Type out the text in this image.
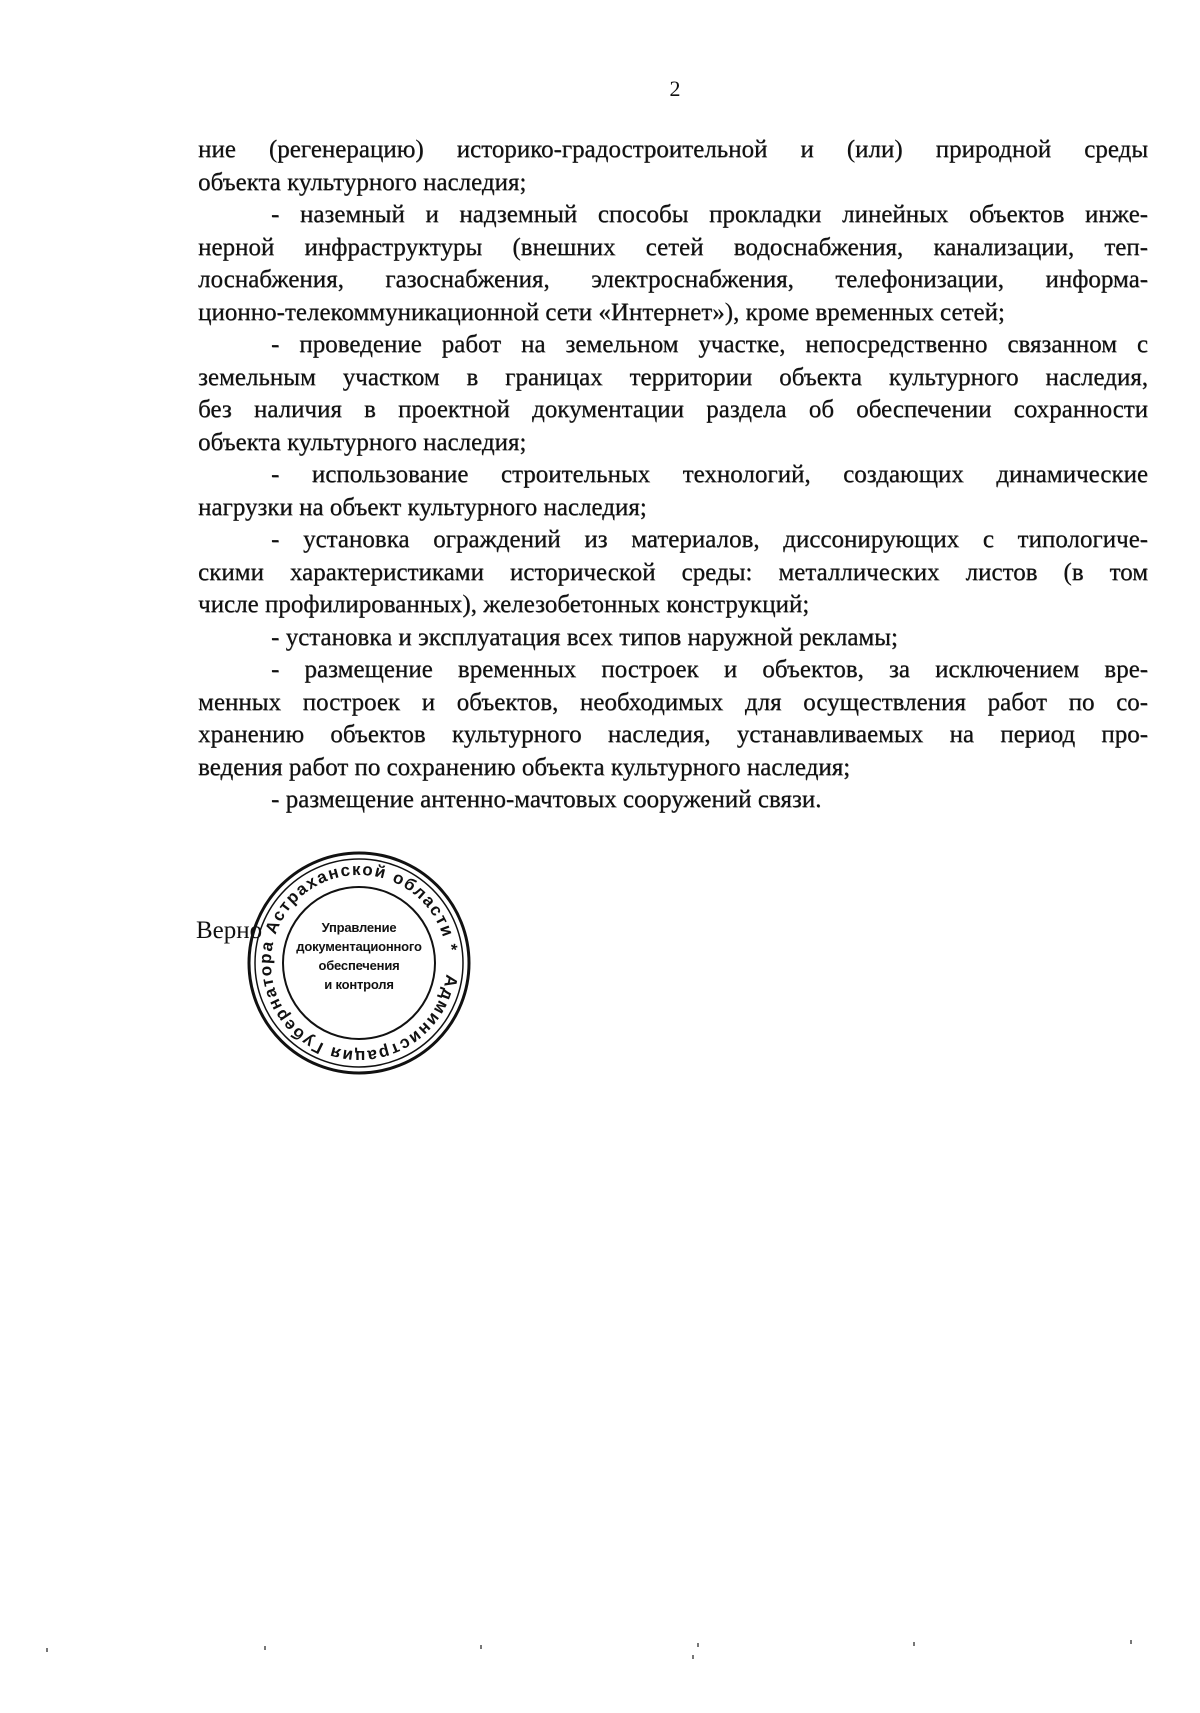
2
ние (регенерацию) историко-градостроительной и (или) природной среды
объекта культурного наследия;
- наземный и надземный способы прокладки линейных объектов инже-
нерной инфраструктуры (внешних сетей водоснабжения, канализации, теп-
лоснабжения, газоснабжения, электроснабжения, телефонизации, информа-
ционно-телекоммуникационной сети «Интернет»), кроме временных сетей;
- проведение работ на земельном участке, непосредственно связанном с
земельным участком в границах территории объекта культурного наследия,
без наличия в проектной документации раздела об обеспечении сохранности
объекта культурного наследия;
- использование строительных технологий, создающих динамические
нагрузки на объект культурного наследия;
- установка ограждений из материалов, диссонирующих с типологиче-
скими характеристиками исторической среды: металлических листов (в том
числе профилированных), железобетонных конструкций;
- установка и эксплуатация всех типов наружной рекламы;
- размещение временных построек и объектов, за исключением вре-
менных построек и объектов, необходимых для осуществления работ по со-
хранению объектов культурного наследия, устанавливаемых на период про-
ведения работ по сохранению объекта культурного наследия;
- размещение антенно-мачтовых сооружений связи.
Верно
Администрация Губернатора Астраханской области *
Управление
документационного
обеспечения
и контроля
